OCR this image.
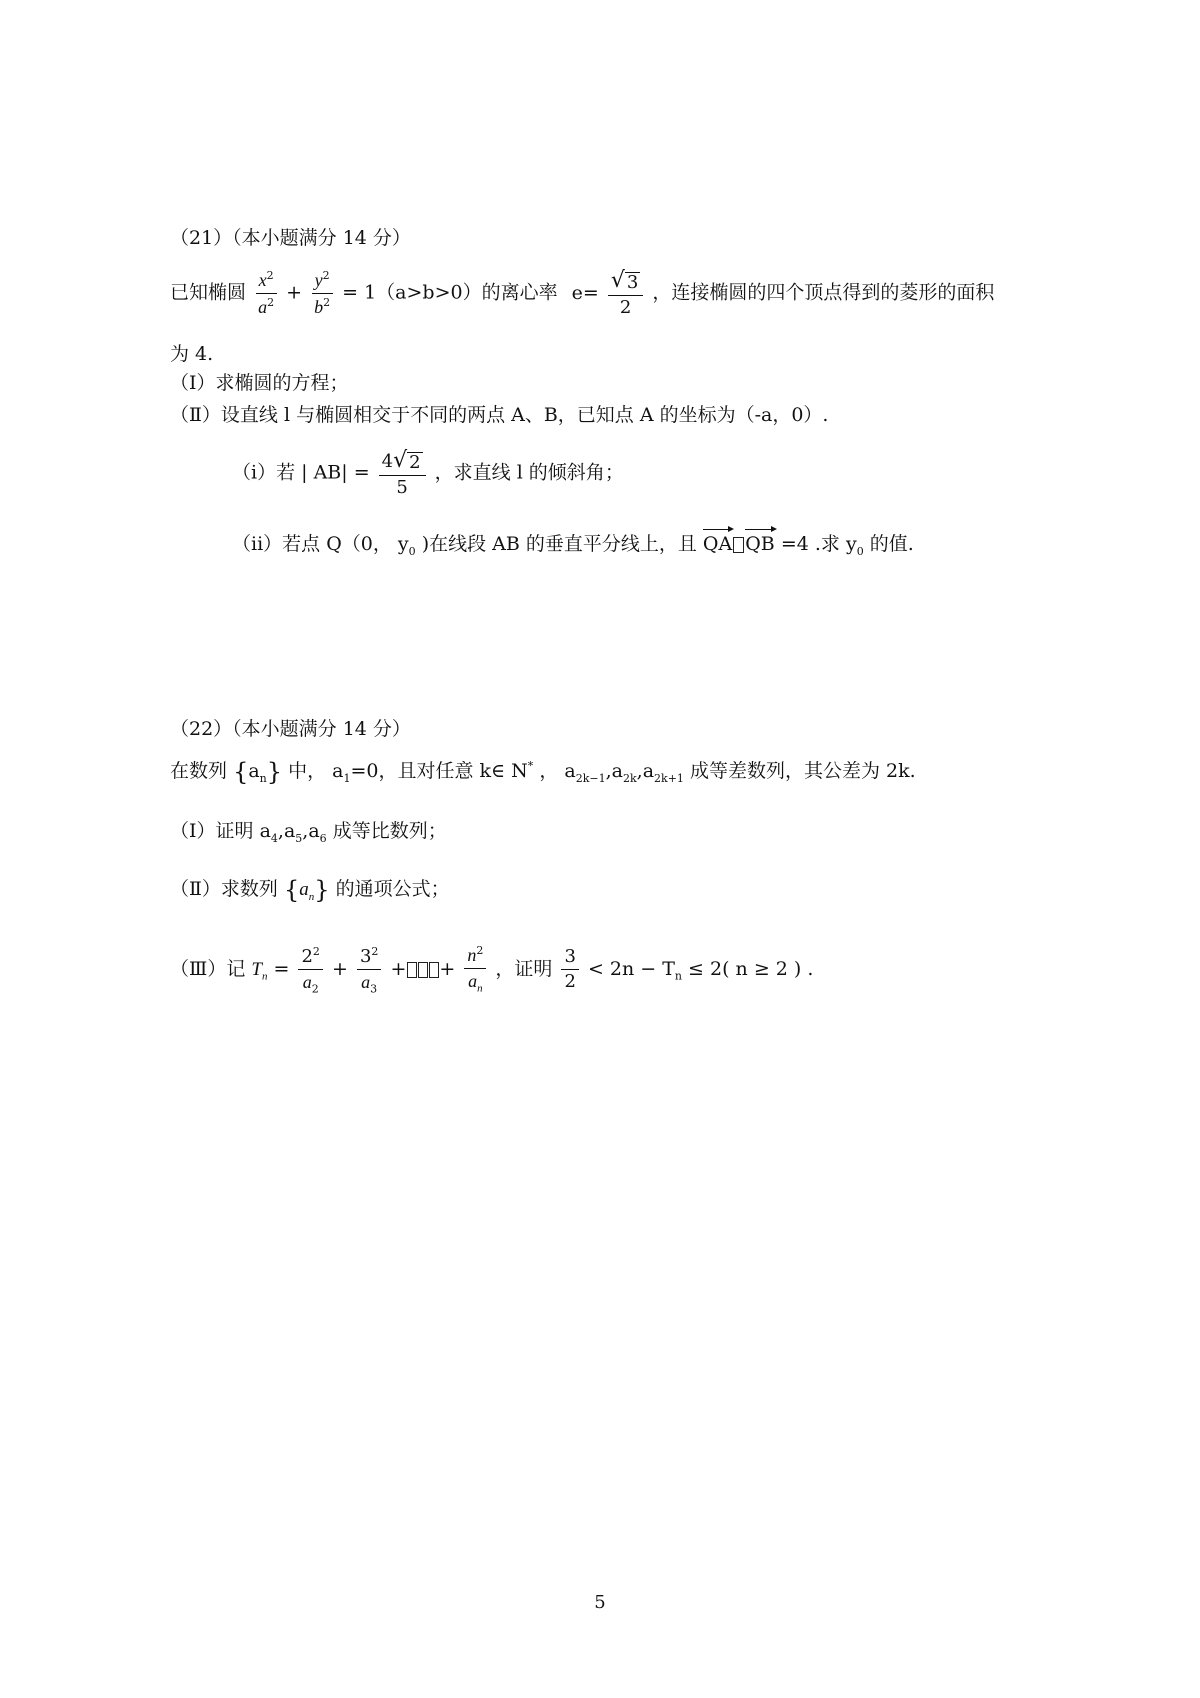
（21）（本小题满分 14 分）
已知椭圆 $\frac{x^2}{a^2} + \frac{y^2}{b^2} = 1(a>b>0)$的离心率 $e= \frac{√ 3}{2}$ ，连接椭圆的四个顶点得到的菱形的面积
为 4.
（Ⅰ）求椭圆的方程；
（Ⅱ）设直线 l 与椭圆相交于不同的两点 A、B，已知点 A 的坐标为（-a，0）.
（i）若 | $AB| = \frac{4 √ 2}{5}$ ，求直线 l 的倾斜角；
（ii）若点 Q（0， $y_0$ )在线段 AB 的垂直平分线上，且 QA QB =4 .求 $y_0$ 的值.
（22）（本小题满分 14 分）
在数列 $\{a_n\}$ 中， $a_1=0$，且对任意 k∈ N* ， $a_{2k-1},a_{2k},a_{2k+1}$ 成等差数列，其公差为 2k.
（Ⅰ）证明 $a_4,a_5,a_6$ 成等比数列；
（Ⅱ）求数列 $\{a_n\}$ 的通项公式；
（Ⅲ）记 $T_n = \frac{2^2}{a_2} + \frac{3^2}{a_3}$ + + $\frac{n^2}{a_n}$ ，证明 $\frac{3}{2} < 2n - T_n \le 2$( n ≥ 2 ) .
5
